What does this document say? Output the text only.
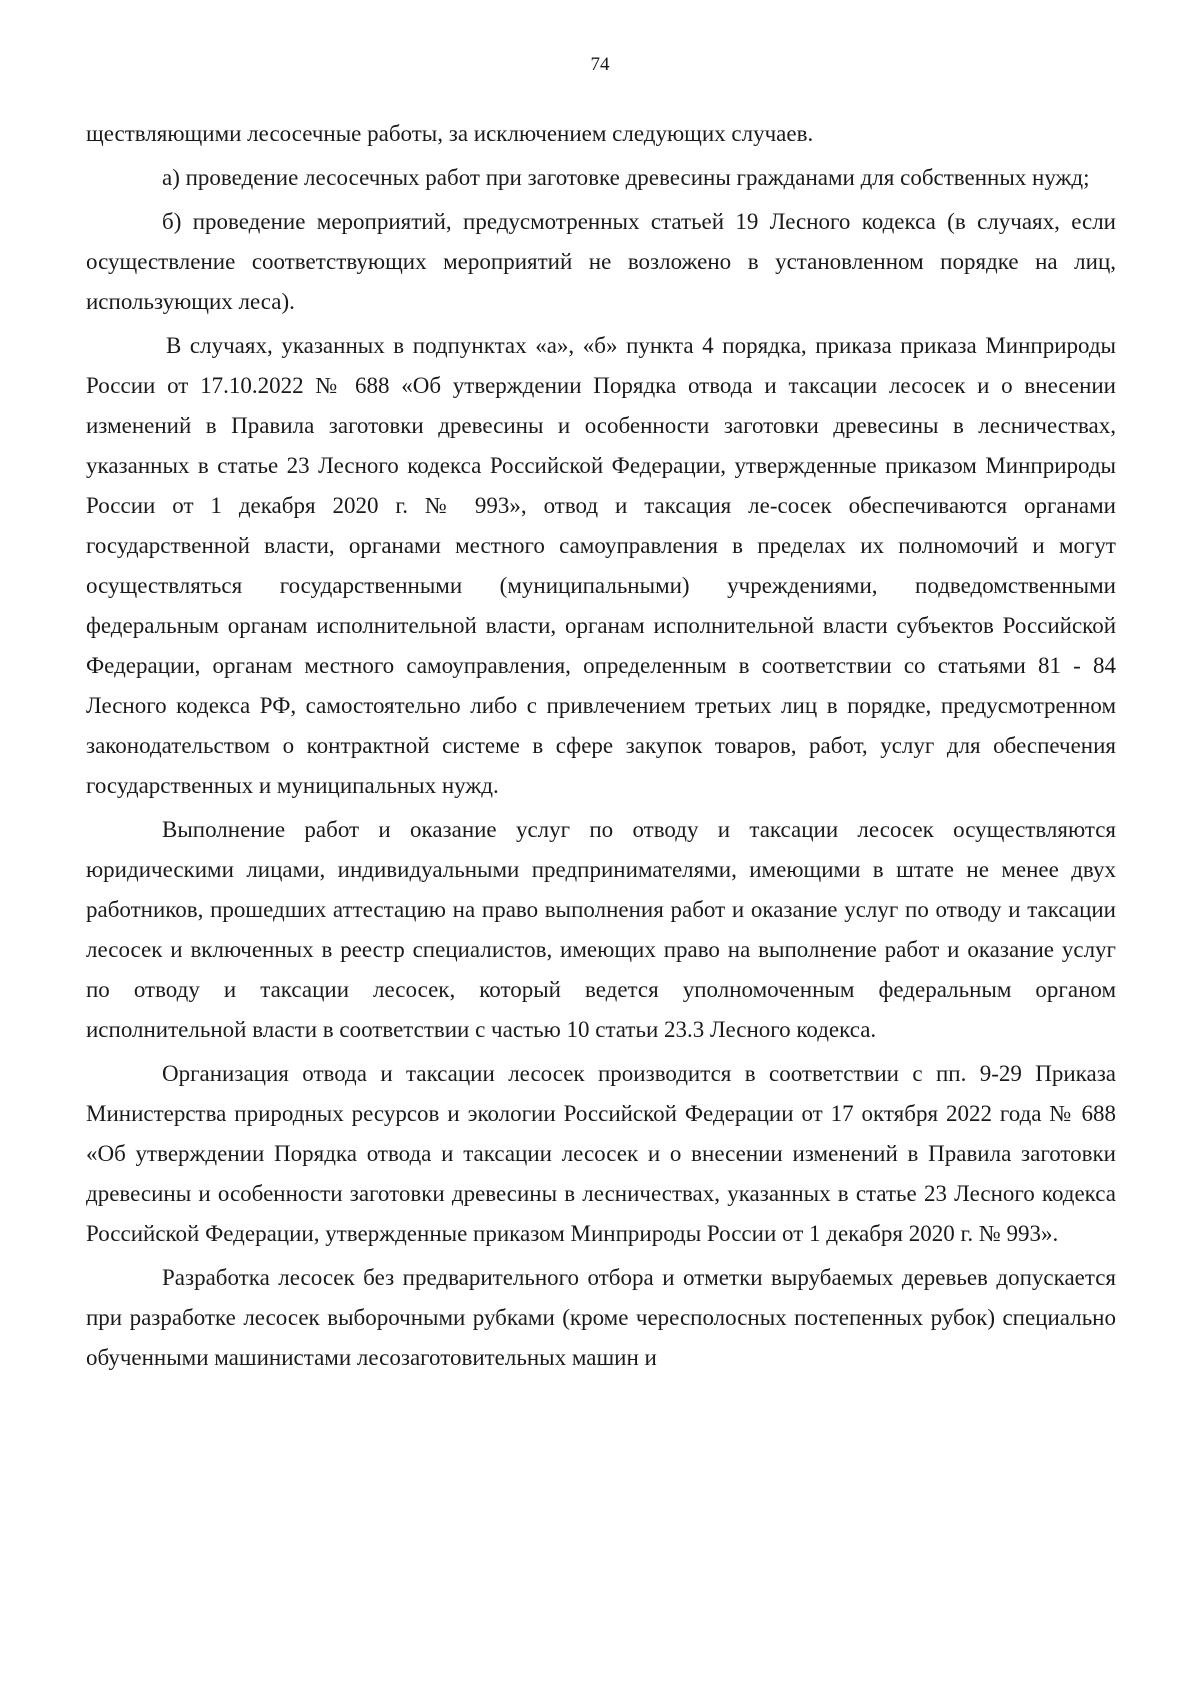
74

ществляющими лесосечные работы, за исключением следующих случаев.

а) проведение лесосечных работ при заготовке древесины гражданами для собственных нужд;

б) проведение мероприятий, предусмотренных статьей 19 Лесного кодекса (в случаях, если осуществление соответствующих мероприятий не возложено в установленном порядке на лиц, использующих леса).

В случаях, указанных в подпунктах «а», «б» пункта 4 порядка, приказа приказа Минприроды России от 17.10.2022 № 688 «Об утверждении Порядка отвода и таксации лесосек и о внесении изменений в Правила заготовки древесины и особенности заготовки древесины в лесничествах, указанных в статье 23 Лесного кодекса Российской Федерации, утвержденные приказом Минприроды России от 1 декабря 2020 г. № 993», отвод и таксация ле-сосек обеспечиваются органами государственной власти, органами местного самоуправления в пределах их полномочий и могут осуществляться государственными (муниципальными) учреждениями, подведомственными федеральным органам исполнительной власти, органам исполнительной власти субъектов Российской Федерации, органам местного самоуправления, определенным в соответствии со статьями 81 - 84 Лесного кодекса РФ, самостоятельно либо с привлечением третьих лиц в порядке, предусмотренном законодательством о контрактной системе в сфере закупок товаров, работ, услуг для обеспечения государственных и муниципальных нужд.

Выполнение работ и оказание услуг по отводу и таксации лесосек осуществляются юридическими лицами, индивидуальными предпринимателями, имеющими в штате не менее двух работников, прошедших аттестацию на право выполнения работ и оказание услуг по отводу и таксации лесосек и включенных в реестр специалистов, имеющих право на выполнение работ и оказание услуг по отводу и таксации лесосек, который ведется уполномоченным федеральным органом исполнительной власти в соответствии с частью 10 статьи 23.3 Лесного кодекса.

Организация отвода и таксации лесосек производится в соответствии с пп. 9-29 Приказа Министерства природных ресурсов и экологии Российской Федерации от 17 октября 2022 года № 688 «Об утверждении Порядка отвода и таксации лесосек и о внесении изменений в Правила заготовки древесины и особенности заготовки древесины в лесничествах, указанных в статье 23 Лесного кодекса Российской Федерации, утвержденные приказом Минприроды России от 1 декабря 2020 г. № 993».

Разработка лесосек без предварительного отбора и отметки вырубаемых деревьев допускается при разработке лесосек выборочными рубками (кроме чересполосных постепенных рубок) специально обученными машинистами лесозаготовительных машин и
